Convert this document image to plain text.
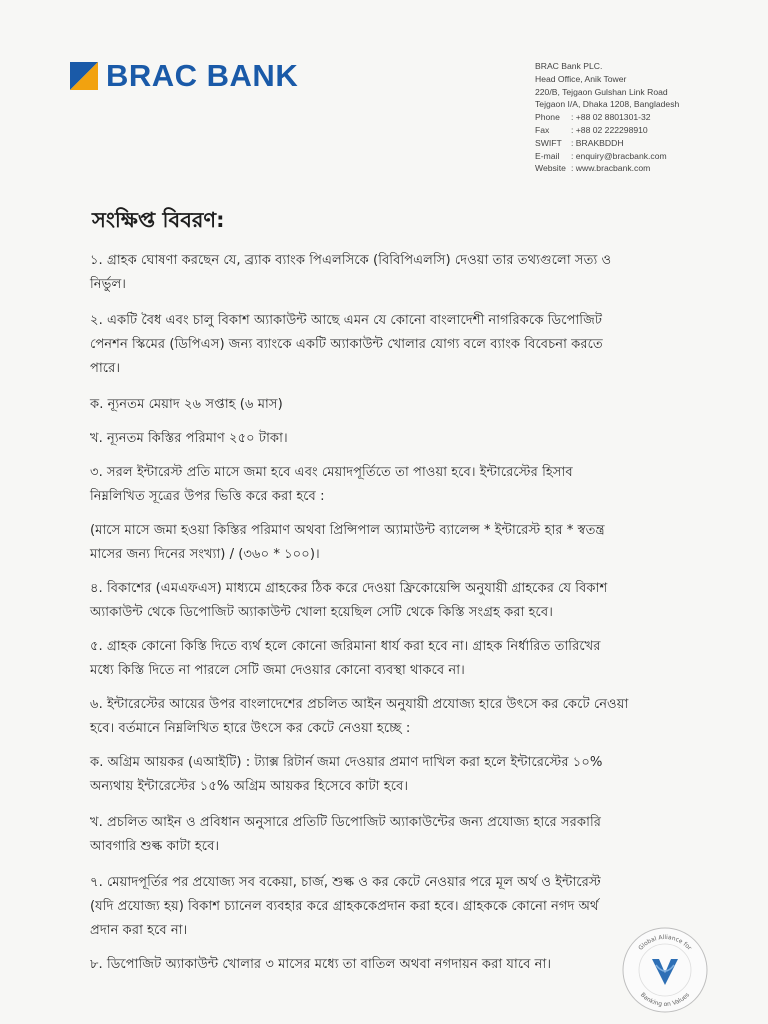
BRAC BANK	BRAC Bank PLC.
Head Office, Anik Tower
220/B, Tejgaon Gulshan Link Road
Tejgaon I/A, Dhaka 1208, Bangladesh
Phone : +88 02 8801301-32
Fax	: +88 02 222298910
SWIFT : BRAKBDDH
E-mail : enquiry@bracbank.com
Website : www.bracbank.com
সংক্ষিপ্ত বিবরণ:
১. গ্রাহক ঘোষণা করছেন যে, ব্র্যাক ব্যাংক পিএলসিকে (বিবিপিএলসি) দেওয়া তার তথ্যগুলো সত্য ও
নির্ভুল।
২. একটি বৈধ এবং চালু বিকাশ অ্যাকাউন্ট আছে এমন যে কোনো বাংলাদেশী নাগরিককে ডিপোজিট
পেনশন স্কিমের (ডিপিএস) জন্য ব্যাংকে একটি অ্যাকাউন্ট খোলার যোগ্য বলে ব্যাংক বিবেচনা করতে
পারে।
ক. ন্যূনতম মেয়াদ ২৬ সপ্তাহ (৬ মাস)
খ. ন্যূনতম কিস্তির পরিমাণ ২৫০ টাকা।
৩. সরল ইন্টারেস্ট প্রতি মাসে জমা হবে এবং মেয়াদপূর্তিতে তা পাওয়া হবে। ইন্টারেস্টের হিসাব
নিম্নলিখিত সূত্রের উপর ভিত্তি করে করা হবে :
(মাসে মাসে জমা হওয়া কিস্তির পরিমাণ অথবা প্রিন্সিপাল অ্যামাউন্ট ব্যালেন্স * ইন্টারেস্ট হার * স্বতন্ত্র
মাসের জন্য দিনের সংখ্যা) / (৩৬০ * ১০০)।
৪. বিকাশের (এমএফএস) মাধ্যমে গ্রাহকের ঠিক করে দেওয়া ফ্রিকোয়েন্সি অনুযায়ী গ্রাহকের যে বিকাশ
অ্যাকাউন্ট থেকে ডিপোজিট অ্যাকাউন্ট খোলা হয়েছিল সেটি থেকে কিস্তি সংগ্রহ করা হবে।
৫. গ্রাহক কোনো কিস্তি দিতে ব্যর্থ হলে কোনো জরিমানা ধার্য করা হবে না। গ্রাহক নির্ধারিত তারিখের
মধ্যে কিস্তি দিতে না পারলে সেটি জমা দেওয়ার কোনো ব্যবস্থা থাকবে না।
৬. ইন্টারেস্টের আয়ের উপর বাংলাদেশের প্রচলিত আইন অনুযায়ী প্রযোজ্য হারে উৎসে কর কেটে নেওয়া
হবে। বর্তমানে নিম্নলিখিত হারে উৎসে কর কেটে নেওয়া হচ্ছে :
ক. অগ্রিম আয়কর (এআইটি) : ট্যাক্স রিটার্ন জমা দেওয়ার প্রমাণ দাখিল করা হলে ইন্টারেস্টের ১০%
অন্যথায় ইন্টারেস্টের ১৫% অগ্রিম আয়কর হিসেবে কাটা হবে।
খ. প্রচলিত আইন ও প্রবিধান অনুসারে প্রতিটি ডিপোজিট অ্যাকাউন্টের জন্য প্রযোজ্য হারে সরকারি
আবগারি শুল্ক কাটা হবে।
৭. মেয়াদপূর্তির পর প্রযোজ্য সব বকেয়া, চার্জ, শুল্ক ও কর কেটে নেওয়ার পরে মূল অর্থ ও ইন্টারেস্ট
(যদি প্রযোজ্য হয়) বিকাশ চ্যানেল ব্যবহার করে গ্রাহককেপ্রদান করা হবে। গ্রাহককে কোনো নগদ অর্থ
প্রদান করা হবে না।
৮. ডিপোজিট অ্যাকাউন্ট খোলার ৩ মাসের মধ্যে তা বাতিল অথবা নগদায়ন করা যাবে না।
Global Alliance for
Banking on Values
